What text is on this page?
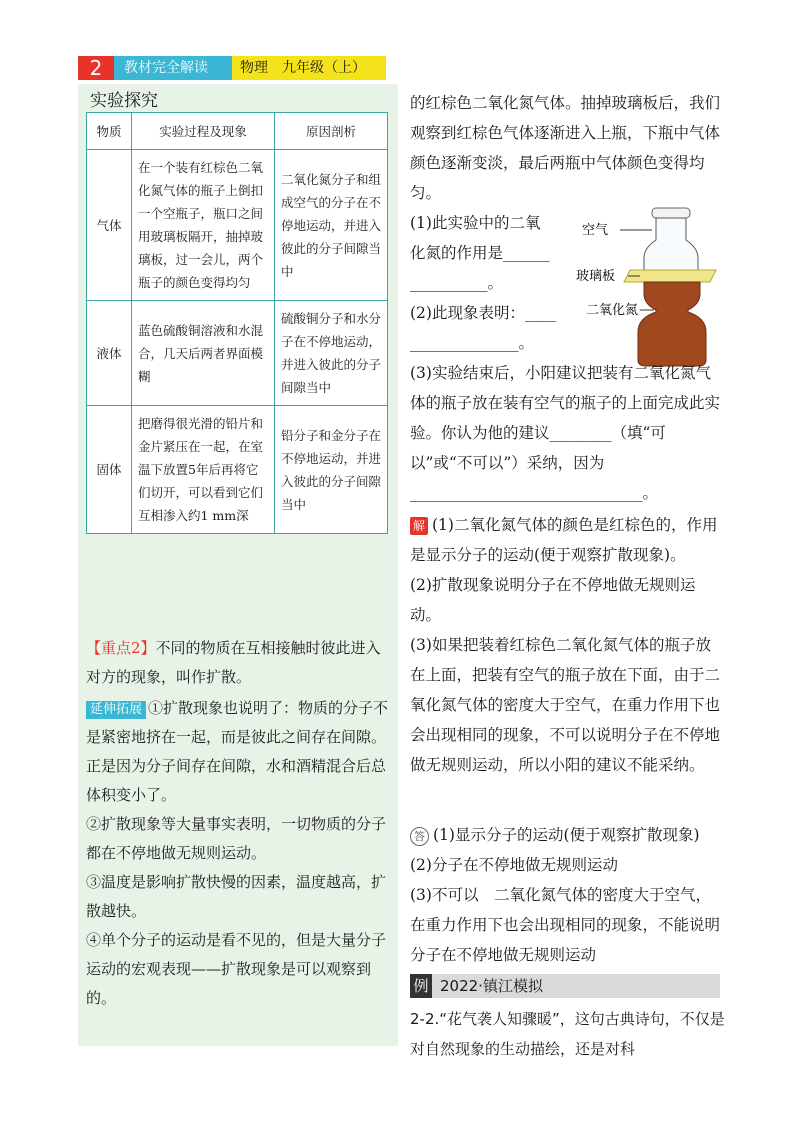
2	教材完全解读	物理　九年级（上）
实验探究
物质	实验过程及现象	原因剖析
气体	在一个装有红棕色二氧化氮气体的瓶子上倒扣一个空瓶子，瓶口之间用玻璃板隔开，抽掉玻璃板，过一会儿，两个瓶子的颜色变得均匀	二氧化氮分子和组成空气的分子在不停地运动，并进入彼此的分子间隙当中
液体	蓝色硫酸铜溶液和水混合，几天后两者界面模糊	硫酸铜分子和水分子在不停地运动，并进入彼此的分子间隙当中
固体	把磨得很光滑的铅片和金片紧压在一起，在室温下放置5年后再将它们切开，可以看到它们互相渗入约1 mm深	铅分子和金分子在不停地运动，并进入彼此的分子间隙当中
【重点2】不同的物质在互相接触时彼此进入对方的现象，叫作扩散。
延伸拓展 ①扩散现象也说明了：物质的分子不是紧密地挤在一起，而是彼此之间存在间隙。正是因为分子间存在间隙，水和酒精混合后总体积变小了。
②扩散现象等大量事实表明，一切物质的分子都在不停地做无规则运动。
③温度是影响扩散快慢的因素，温度越高，扩散越快。
④单个分子的运动是看不见的，但是大量分子运动的宏观表现——扩散现象是可以观察到的。
的红棕色二氧化氮气体。抽掉玻璃板后，我们观察到红棕色气体逐渐进入上瓶，下瓶中气体颜色逐渐变淡，最后两瓶中气体颜色变得均匀。
(1)此实验中的二氧
化氮的作用是______
__________。
(2)此现象表明：____
______________。
空气
玻璃板
二氧化氮
(3)实验结束后，小阳建议把装有二氧化氮气体的瓶子放在装有空气的瓶子的上面完成此实验。你认为他的建议________（填“可以”或“不可以”）采纳，因为______________________________。
解 (1)二氧化氮气体的颜色是红棕色的，作用是显示分子的运动(便于观察扩散现象)。
(2)扩散现象说明分子在不停地做无规则运动。
(3)如果把装着红棕色二氧化氮气体的瓶子放在上面，把装有空气的瓶子放在下面，由于二氧化氮气体的密度大于空气，在重力作用下也会出现相同的现象，不可以说明分子在不停地做无规则运动，所以小阳的建议不能采纳。
答 (1)显示分子的运动(便于观察扩散现象)　(2)分子在不停地做无规则运动
(3)不可以　二氧化氮气体的密度大于空气，在重力作用下也会出现相同的现象，不能说明分子在不停地做无规则运动
例 2022·镇江模拟
2-2.“花气袭人知骤暖”，这句古典诗句，不仅是对自然现象的生动描绘，还是对科
